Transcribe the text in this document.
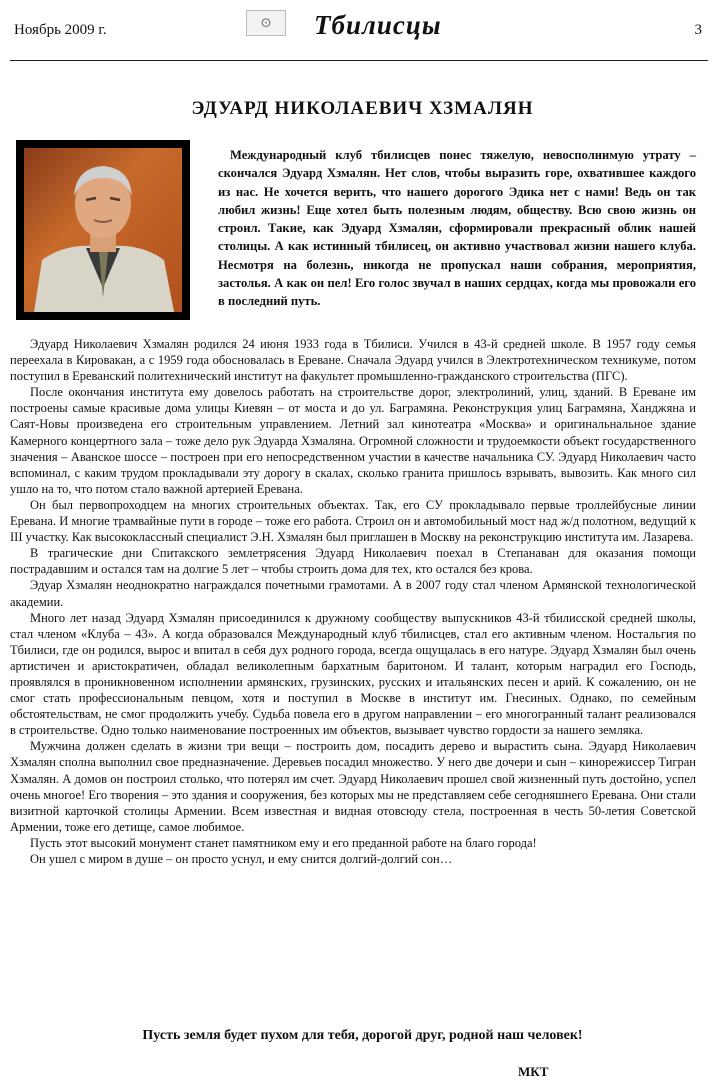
Ноябрь 2009 г.	⊙ Тбилисцы	3
ЭДУАРД НИКОЛАЕВИЧ ХЗМАЛЯН

Международный клуб тбилисцев понес тяжелую, невосполнимую утрату – скончался Эдуард Хзмалян. Нет слов, чтобы выразить горе, охватившее каждого из нас. Не хочется верить, что нашего дорогого Эдика нет с нами! Ведь он так любил жизнь! Еще хотел быть полезным людям, обществу. Всю свою жизнь он строил. Такие, как Эдуард Хзмалян, сформировали прекрасный облик нашей столицы. А как истинный тбилисец, он активно участвовал жизни нашего клуба. Несмотря на болезнь, никогда не пропускал наши собрания, мероприятия, застолья. А как он пел! Его голос звучал в наших сердцах, когда мы провожали его в последний путь.

Эдуард Николаевич Хзмалян родился 24 июня 1933 года в Тбилиси. Учился в 43-й средней школе. В 1957 году семья переехала в Кировакан, а с 1959 года обосновалась в Ереване. Сначала Эдуард учился в Электротехническом техникуме, потом поступил в Ереванский политехнический институт на факультет промышленно-гражданского строительства (ПГС).

После окончания института ему довелось работать на строительстве дорог, электролиний, улиц, зданий. В Ереване им построены самые красивые дома улицы Киевян – от моста и до ул. Баграмяна. Реконструкция улиц Баграмяна, Ханджяна и Саят-Новы произведена его строительным управлением. Летний зал кинотеатра «Москва» и оригинальнальное здание Камерного концертного зала – тоже дело рук Эдуарда Хзмаляна. Огромной сложности и трудоемкости объект государственного значения – Аванское шоссе – построен при его непосредственном участии в качестве начальника СУ. Эдуард Николаевич часто вспоминал, с каким трудом прокладывали эту дорогу в скалах, сколько гранита пришлось взрывать, вывозить. Как много сил ушло на то, что потом стало важной артерией Еревана.

Он был первопроходцем на многих строительных объектах. Так, его СУ прокладывало первые троллейбусные линии Еревана. И многие трамвайные пути в городе – тоже его работа. Строил он и автомобильный мост над ж/д полотном, ведущий к III участку. Как высококлассный специалист Э.Н. Хзмалян был приглашен в Москву на реконструкцию института им. Лазарева.

В трагические дни Спитакского землетрясения Эдуард Николаевич поехал в Степанаван для оказания помощи пострадавшим и остался там на долгие 5 лет – чтобы строить дома для тех, кто остался без крова.

Эдуар Хзмалян неоднократно награждался почетными грамотами. А в 2007 году стал членом Армянской технологической академии.

Много лет назад Эдуард Хзмалян присоединился к дружному сообществу выпускников 43-й тбилисской средней школы, стал членом «Клуба – 43». А когда образовался Международный клуб тбилисцев, стал его активным членом. Ностальгия по Тбилиси, где он родился, вырос и впитал в себя дух родного города, всегда ощущалась в его натуре. Эдуард Хзмалян был очень артистичен и аристократичен, обладал великолепным бархатным баритоном. И талант, которым наградил его Господь, проявлялся в проникновенном исполнении армянских, грузинских, русских и итальянских песен и арий. К сожалению, он не смог стать профессиональным певцом, хотя и поступил в Москве в институт им. Гнесиных. Однако, по семейным обстоятельствам, не смог продолжить учебу. Судьба повела его в другом направлении – его многогранный талант реализовался в строительстве. Одно только наименование построенных им объектов, вызывает чувство гордости за нашего земляка.

Мужчина должен сделать в жизни три вещи – построить дом, посадить дерево и вырастить сына. Эдуард Николаевич Хзмалян сполна выполнил свое предназначение. Деревьев посадил множество. У него две дочери и сын – кинорежиссер Тигран Хзмалян. А домов он построил столько, что потерял им счет. Эдуард Николаевич прошел свой жизненный путь достойно, успел очень многое! Его творения – это здания и сооружения, без которых мы не представляем себе сегодняшнего Еревана. Они стали визитной карточкой столицы Армении. Всем известная и видная отовсюду стела, построенная в честь 50-летия Советской Армении, тоже его детище, самое любимое.

Пусть этот высокий монумент станет памятником ему и его преданной работе на благо города!

Он ушел с миром в душе – он просто уснул, и ему снится долгий-долгий сон…

Пусть земля будет пухом для тебя, дорогой друг, родной наш человек!
МКТ
